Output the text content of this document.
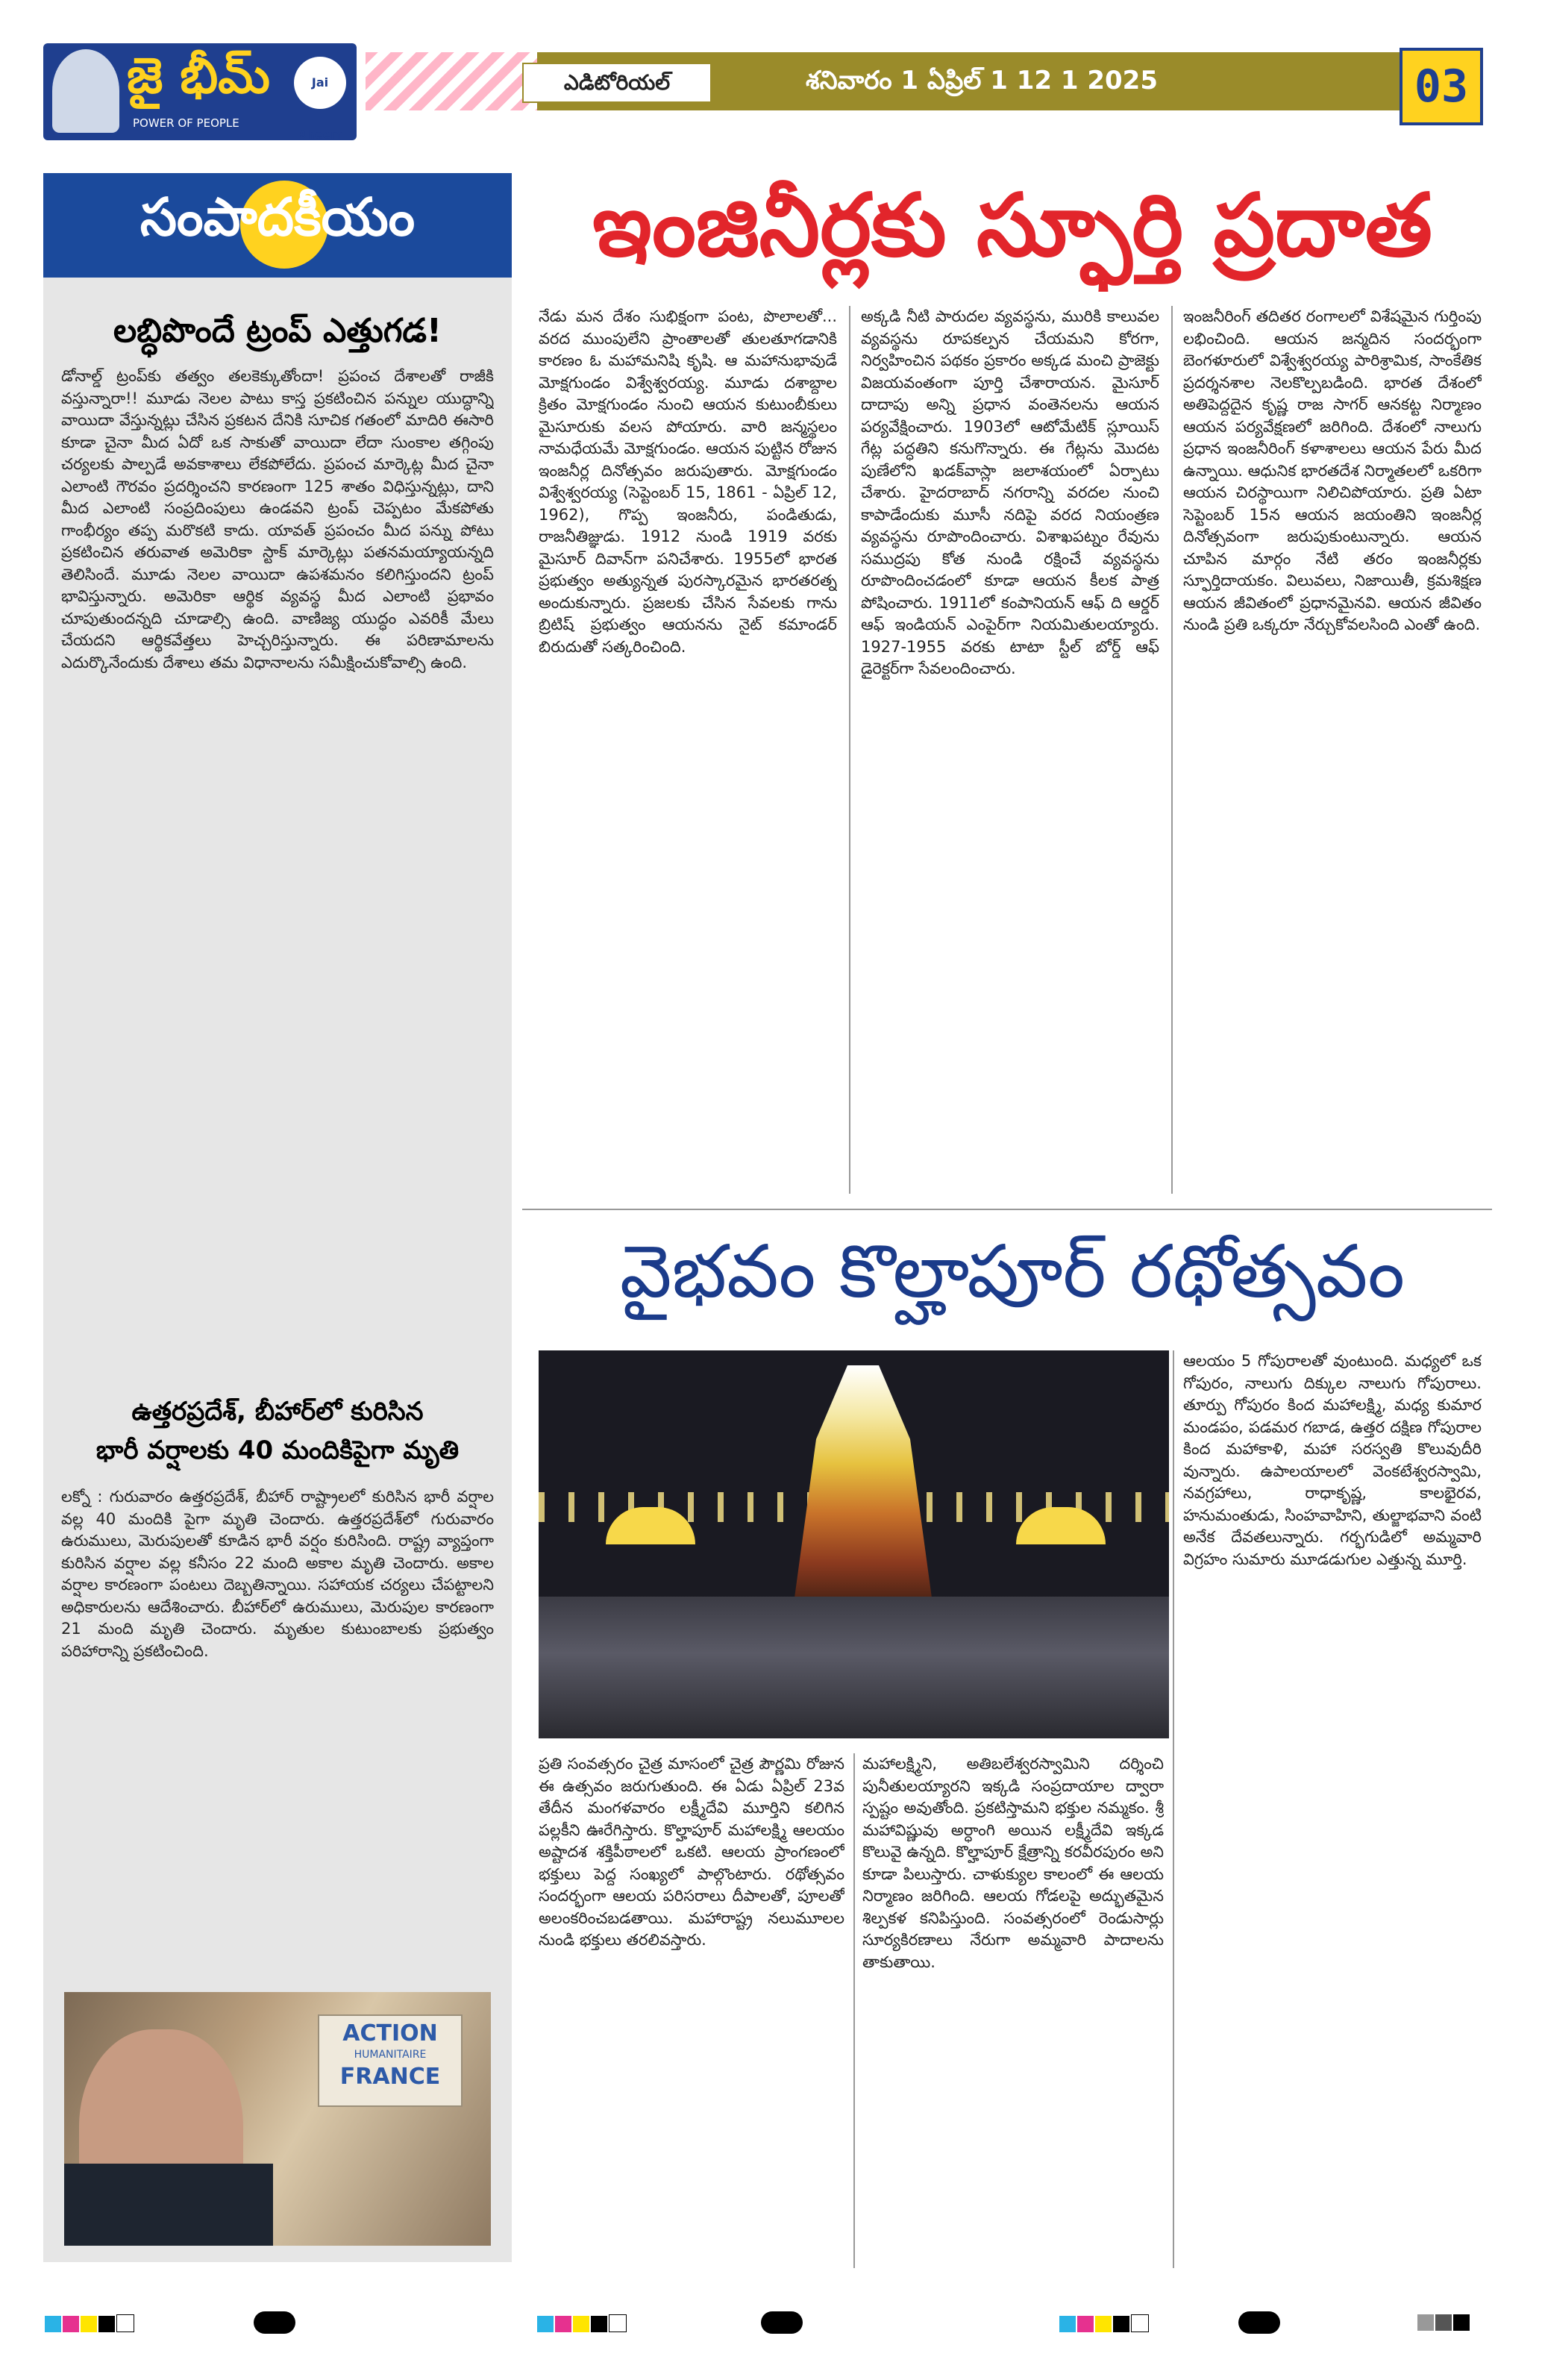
జై భీమ్
POWER OF PEOPLE
Jai Bheem
ఎడిటోరియల్	శనివారం 1 ఏప్రిల్ 1 12 1 2025	03
సంపాదకీయం
లబ్ధిపొందే ట్రంప్ ఎత్తుగడ!
డోనాల్డ్ ట్రంప్‌కు తత్వం తలకెక్కుతోందా! ప్రపంచ దేశాలతో రాజీకి వస్తున్నారా!! మూడు నెలల పాటు కాస్త ప్రకటించిన పన్నుల యుద్ధాన్ని వాయిదా వేస్తున్నట్లు చేసిన ప్రకటన దేనికి సూచిక గతంలో మాదిరి ఈసారి కూడా చైనా మీద ఏదో ఒక సాకుతో వాయిదా లేదా సుంకాల తగ్గింపు చర్యలకు పాల్పడే అవకాశాలు లేకపోలేదు. ప్రపంచ మార్కెట్ల మీద చైనా ఎలాంటి గౌరవం ప్రదర్శించని కారణంగా 125 శాతం విధిస్తున్నట్లు, దాని మీద ఎలాంటి సంప్రదింపులు ఉండవని ట్రంప్ చెప్పటం మేకపోతు గాంభీర్యం తప్ప మరొకటి కాదు. యావత్ ప్రపంచం మీద పన్ను పోటు ప్రకటించిన తరువాత అమెరికా స్టాక్ మార్కెట్లు పతనమయ్యాయన్నది తెలిసిందే. మూడు నెలల వాయిదా ఉపశమనం కలిగిస్తుందని ట్రంప్ భావిస్తున్నారు. అమెరికా ఆర్థిక వ్యవస్థ మీద ఎలాంటి ప్రభావం చూపుతుందన్నది చూడాల్సి ఉంది. వాణిజ్య యుద్ధం ఎవరికీ మేలు చేయదని ఆర్థికవేత్తలు హెచ్చరిస్తున్నారు. ఈ పరిణామాలను ఎదుర్కొనేందుకు దేశాలు తమ విధానాలను సమీక్షించుకోవాల్సి ఉంది.
ఉత్తరప్రదేశ్, బీహార్‌లో కురిసిన
భారీ వర్షాలకు 40 మందికిపైగా మృతి
లక్నో : గురువారం ఉత్తరప్రదేశ్, బీహార్ రాష్ట్రాలలో కురిసిన భారీ వర్షాల వల్ల 40 మందికి పైగా మృతి చెందారు. ఉత్తరప్రదేశ్‌లో గురువారం ఉరుములు, మెరుపులతో కూడిన భారీ వర్షం కురిసింది. రాష్ట్ర వ్యాప్తంగా కురిసిన వర్షాల వల్ల కనీసం 22 మంది అకాల మృతి చెందారు. అకాల వర్షాల కారణంగా పంటలు దెబ్బతిన్నాయి. సహాయక చర్యలు చేపట్టాలని అధికారులను ఆదేశించారు. బీహార్‌లో ఉరుములు, మెరుపుల కారణంగా 21 మంది మృతి చెందారు. మృతుల కుటుంబాలకు ప్రభుత్వం పరిహారాన్ని ప్రకటించింది.
ACTION
HUMANITAIRE
FRANCE
ఇంజినీర్లకు స్ఫూర్తి ప్రదాత
నేడు మన దేశం సుభిక్షంగా పంట, పొలాలతో... వరద ముంపులేని ప్రాంతాలతో తులతూగడానికి కారణం ఓ మహామనిషి కృషి. ఆ మహానుభావుడే మోక్షగుండం విశ్వేశ్వరయ్య. మూడు దశాబ్దాల క్రితం మోక్షగుండం నుంచి ఆయన కుటుంబీకులు మైసూరుకు వలస పోయారు. వారి జన్మస్థలం నామధేయమే మోక్షగుండం. ఆయన పుట్టిన రోజున ఇంజనీర్ల దినోత్సవం జరుపుతారు. మోక్షగుండం విశ్వేశ్వరయ్య (సెప్టెంబర్ 15, 1861 - ఏప్రిల్ 12, 1962), గొప్ప ఇంజనీరు, పండితుడు, రాజనీతిజ్ఞుడు. 1912 నుండి 1919 వరకు మైసూర్ దివాన్‌గా పనిచేశారు. 1955లో భారత ప్రభుత్వం అత్యున్నత పురస్కారమైన భారతరత్న అందుకున్నారు. ప్రజలకు చేసిన సేవలకు గాను బ్రిటిష్ ప్రభుత్వం ఆయనను నైట్ కమాండర్ బిరుదుతో సత్కరించింది.
అక్కడి నీటి పారుదల వ్యవస్థను, మురికి కాలువల వ్యవస్థను రూపకల్పన చేయమని కోరగా, నిర్వహించిన పథకం ప్రకారం అక్కడ మంచి ప్రాజెక్టు విజయవంతంగా పూర్తి చేశారాయన. మైసూర్ దాదాపు అన్ని ప్రధాన వంతెనలను ఆయన పర్యవేక్షించారు. 1903లో ఆటోమేటిక్ స్లూయిస్ గేట్ల పద్ధతిని కనుగొన్నారు. ఈ గేట్లను మొదట పుణేలోని ఖడక్‌వాస్లా జలాశయంలో ఏర్పాటు చేశారు. హైదరాబాద్ నగరాన్ని వరదల నుంచి కాపాడేందుకు మూసీ నదిపై వరద నియంత్రణ వ్యవస్థను రూపొందించారు. విశాఖపట్నం రేవును సముద్రపు కోత నుండి రక్షించే వ్యవస్థను రూపొందించడంలో కూడా ఆయన కీలక పాత్ర పోషించారు. 1911లో కంపానియన్ ఆఫ్ ది ఆర్డర్ ఆఫ్ ఇండియన్ ఎంపైర్‌గా నియమితులయ్యారు. 1927-1955 వరకు టాటా స్టీల్ బోర్డ్ ఆఫ్ డైరెక్టర్‌గా సేవలందించారు.
ఇంజనీరింగ్ తదితర రంగాలలో విశేషమైన గుర్తింపు లభించింది. ఆయన జన్మదిన సందర్భంగా బెంగళూరులో విశ్వేశ్వరయ్య పారిశ్రామిక, సాంకేతిక ప్రదర్శనశాల నెలకొల్పబడింది. భారత దేశంలో అతిపెద్దదైన కృష్ణ రాజ సాగర్ ఆనకట్ట నిర్మాణం ఆయన పర్యవేక్షణలో జరిగింది. దేశంలో నాలుగు ప్రధాన ఇంజనీరింగ్ కళాశాలలు ఆయన పేరు మీద ఉన్నాయి. ఆధునిక భారతదేశ నిర్మాతలలో ఒకరిగా ఆయన చిరస్థాయిగా నిలిచిపోయారు. ప్రతి ఏటా సెప్టెంబర్ 15న ఆయన జయంతిని ఇంజనీర్ల దినోత్సవంగా జరుపుకుంటున్నారు. ఆయన చూపిన మార్గం నేటి తరం ఇంజనీర్లకు స్ఫూర్తిదాయకం. విలువలు, నిజాయితీ, క్రమశిక్షణ ఆయన జీవితంలో ప్రధానమైనవి. ఆయన జీవితం నుండి ప్రతి ఒక్కరూ నేర్చుకోవలసింది ఎంతో ఉంది.
వైభవం కొల్హాపూర్ రథోత్సవం
ఆలయం 5 గోపురాలతో వుంటుంది. మధ్యలో ఒక గోపురం, నాలుగు దిక్కుల నాలుగు గోపురాలు. తూర్పు గోపురం కింద మహాలక్ష్మి, మధ్య కుమార మండపం, పడమర గబాడ, ఉత్తర దక్షిణ గోపురాల కింద మహాకాళి, మహా సరస్వతి కొలువుదీరి వున్నారు. ఉపాలయాలలో వెంకటేశ్వరస్వామి, నవగ్రహాలు, రాధాకృష్ణ, కాలభైరవ, హనుమంతుడు, సింహవాహిని, తుల్జాభవాని వంటి అనేక దేవతలున్నారు. గర్భగుడిలో అమ్మవారి విగ్రహం సుమారు మూడడుగుల ఎత్తున్న మూర్తి.
ప్రతి సంవత్సరం చైత్ర మాసంలో చైత్ర పౌర్ణమి రోజున ఈ ఉత్సవం జరుగుతుంది. ఈ ఏడు ఏప్రిల్ 23వ తేదీన మంగళవారం లక్ష్మీదేవి మూర్తిని కలిగిన పల్లకీని ఊరేగిస్తారు. కొల్హాపూర్ మహాలక్ష్మి ఆలయం అష్టాదశ శక్తిపీఠాలలో ఒకటి. ఆలయ ప్రాంగణంలో భక్తులు పెద్ద సంఖ్యలో పాల్గొంటారు. రథోత్సవం సందర్భంగా ఆలయ పరిసరాలు దీపాలతో, పూలతో అలంకరించబడతాయి. మహారాష్ట్ర నలుమూలల నుండి భక్తులు తరలివస్తారు.
మహాలక్ష్మిని, అతిబలేశ్వరస్వామిని దర్శించి పునీతులయ్యారని ఇక్కడి సంప్రదాయాల ద్వారా స్పష్టం అవుతోంది. ప్రకటిస్తామని భక్తుల నమ్మకం. శ్రీ మహావిష్ణువు అర్ధాంగి అయిన లక్ష్మీదేవి ఇక్కడ కొలువై ఉన్నది. కొల్హాపూర్ క్షేత్రాన్ని కరవీరపురం అని కూడా పిలుస్తారు. చాళుక్యుల కాలంలో ఈ ఆలయ నిర్మాణం జరిగింది. ఆలయ గోడలపై అద్భుతమైన శిల్పకళ కనిపిస్తుంది. సంవత్సరంలో రెండుసార్లు సూర్యకిరణాలు నేరుగా అమ్మవారి పాదాలను తాకుతాయి.
